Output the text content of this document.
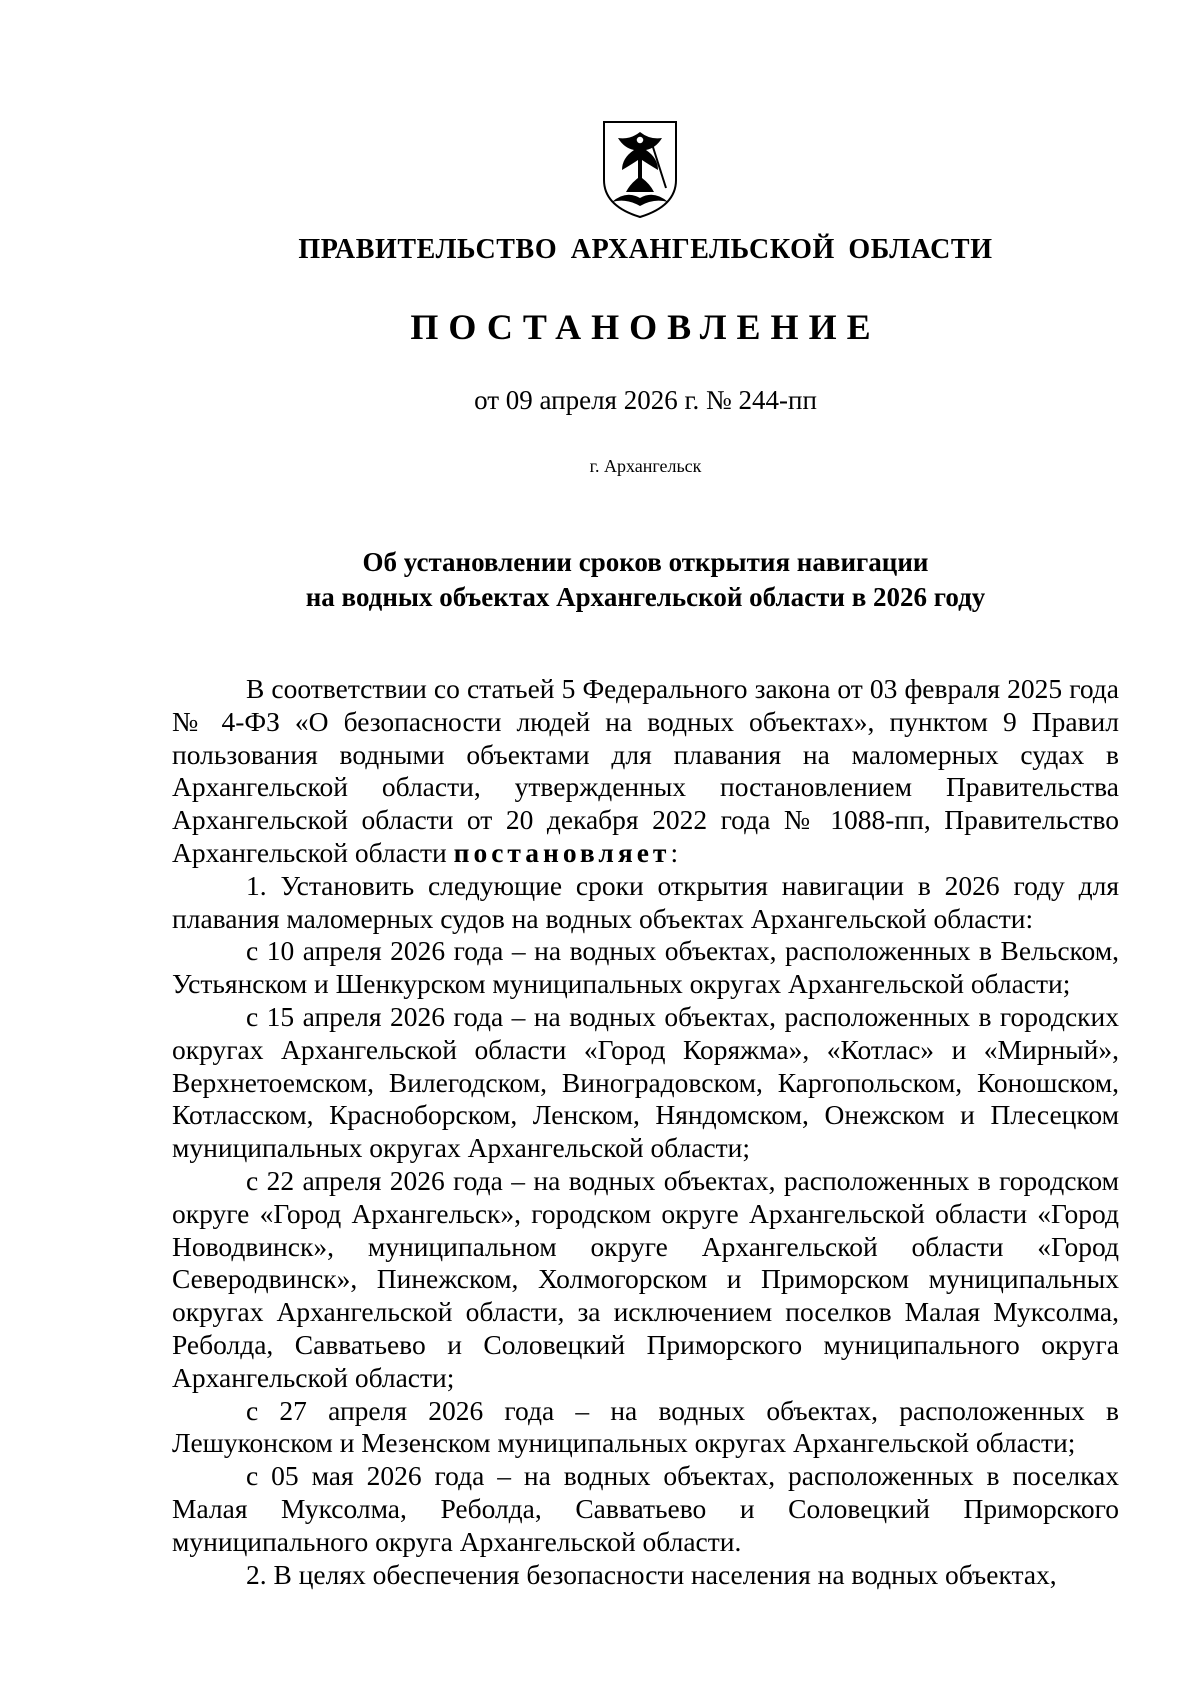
ПРАВИТЕЛЬСТВО АРХАНГЕЛЬСКОЙ ОБЛАСТИ
ПОСТАНОВЛЕНИЕ
от 09 апреля 2026 г. № 244-пп
г. Архангельск
Об установлении сроков открытия навигации
на водных объектах Архангельской области в 2026 году

В соответствии со статьей 5 Федерального закона от 03 февраля 2025 года № 4-ФЗ «О безопасности людей на водных объектах», пунктом 9 Правил пользования водными объектами для плавания на маломерных судах в Архангельской области, утвержденных постановлением Правительства Архангельской области от 20 декабря 2022 года № 1088-пп, Правительство Архангельской области постановляет:

1. Установить следующие сроки открытия навигации в 2026 году для плавания маломерных судов на водных объектах Архангельской области:

с 10 апреля 2026 года – на водных объектах, расположенных в Вельском, Устьянском и Шенкурском муниципальных округах Архангельской области;

с 15 апреля 2026 года – на водных объектах, расположенных в городских округах Архангельской области «Город Коряжма», «Котлас» и «Мирный», Верхнетоемском, Вилегодском, Виноградовском, Каргопольском, Коношском, Котласском, Красноборском, Ленском, Няндомском, Онежском и Плесецком муниципальных округах Архангельской области;

с 22 апреля 2026 года – на водных объектах, расположенных в городском округе «Город Архангельск», городском округе Архангельской области «Город Новодвинск», муниципальном округе Архангельской области «Город Северодвинск», Пинежском, Холмогорском и Приморском муниципальных округах Архангельской области, за исключением поселков Малая Муксолма, Реболда, Савватьево и Соловецкий Приморского муниципального округа Архангельской области;

с 27 апреля 2026 года – на водных объектах, расположенных в Лешуконском и Мезенском муниципальных округах Архангельской области;

с 05 мая 2026 года – на водных объектах, расположенных в поселках Малая Муксолма, Реболда, Савватьево и Соловецкий Приморского муниципального округа Архангельской области.

2. В целях обеспечения безопасности населения на водных объектах,
